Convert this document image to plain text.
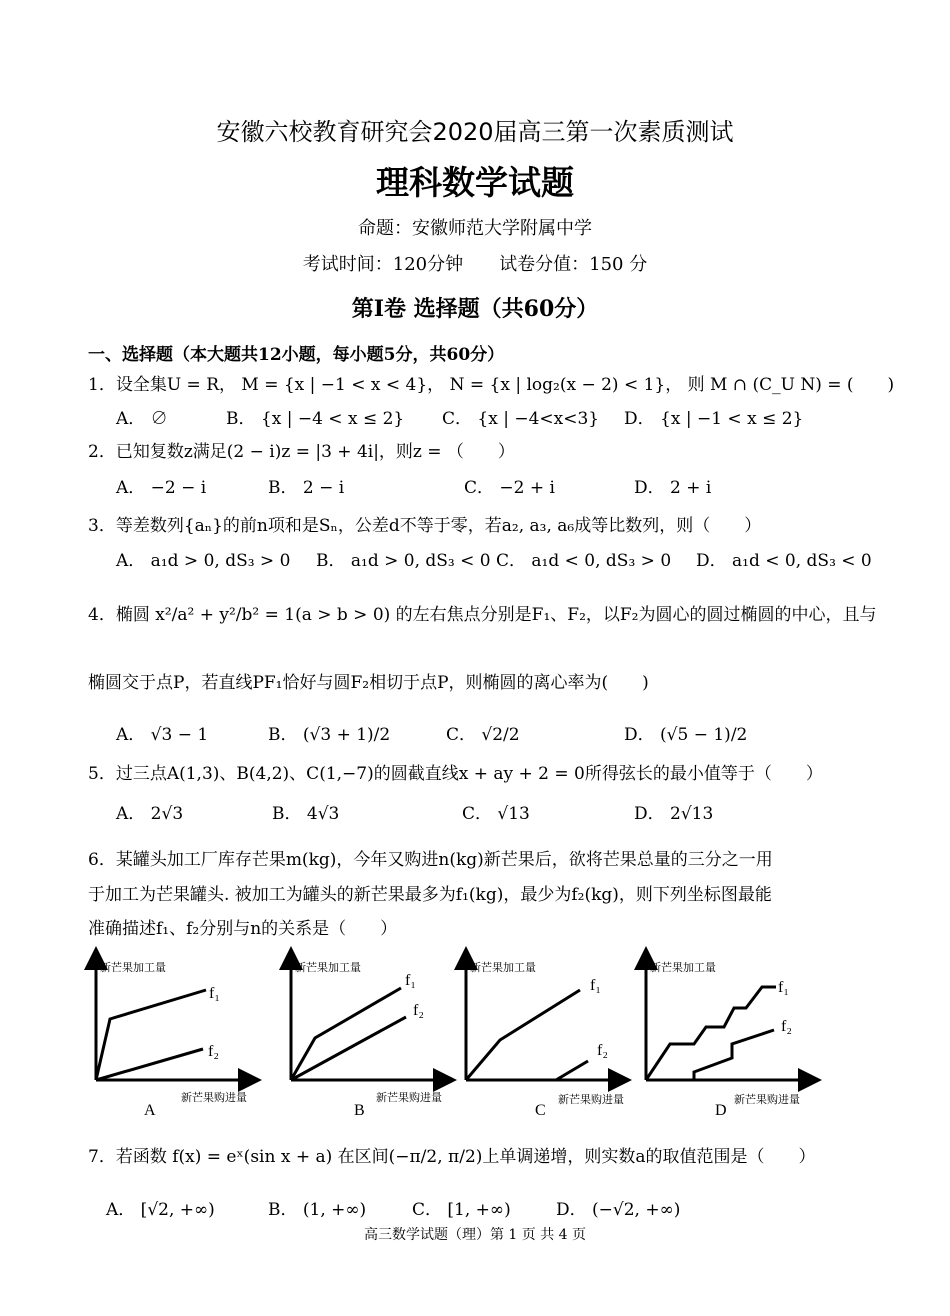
安徽六校教育研究会2020届高三第一次素质测试
理科数学试题
命题：安徽师范大学附属中学
考试时间：120分钟　　试卷分值：150 分
第Ⅰ卷 选择题（共60分）
一、选择题（本大题共12小题，每小题5分，共60分）
1．设全集U = R， M = {x | −1 < x < 4}， N = {x | log₂(x − 2) < 1}， 则 M ∩ (C_U N) = (　　)
A． ∅	B． {x | −4 < x ≤ 2} C． {x | −4<x<3} D． {x | −1 < x ≤ 2}
2．已知复数z满足(2 − i)z = |3 + 4i|，则z = （　　）
A． −2 − i	B． 2 − i	C． −2 + i	D． 2 + i
3．等差数列{aₙ}的前n项和是Sₙ，公差d不等于零，若a₂, a₃, a₆成等比数列，则（　　）
A． a₁d > 0, dS₃ > 0 B． a₁d > 0, dS₃ < 0 C． a₁d < 0, dS₃ > 0 D． a₁d < 0, dS₃ < 0
4．椭圆 x²/a² + y²/b² = 1(a > b > 0) 的左右焦点分别是F₁、F₂，以F₂为圆心的圆过椭圆的中心，且与
椭圆交于点P，若直线PF₁恰好与圆F₂相切于点P，则椭圆的离心率为(　　)
A． √3 − 1	B． (√3 + 1)/2	C． √2/2	D． (√5 − 1)/2
5．过三点A(1,3)、B(4,2)、C(1,−7)的圆截直线x + ay + 2 = 0所得弦长的最小值等于（　　）
A． 2√3	B． 4√3	C． √13	D． 2√13
6．某罐头加工厂库存芒果m(kg)，今年又购进n(kg)新芒果后，欲将芒果总量的三分之一用
于加工为芒果罐头. 被加工为罐头的新芒果最多为f₁(kg)，最少为f₂(kg)，则下列坐标图最能
准确描述f₁、f₂分别与n的关系是（　　）
新芒果加工量
新芒果购进量
f₁
f₂
A
新芒果加工量
新芒果购进量
f₁
f₂
B
新芒果加工量
新芒果购进量
f₁
f₂
C
新芒果加工量
新芒果购进量
f₁
f₂
D
7．若函数 f(x) = eˣ(sin x + a) 在区间(−π/2, π/2)上单调递增，则实数a的取值范围是（　　）
A． [√2, +∞)	B． (1, +∞)	C． [1, +∞)	D． (−√2, +∞)
高三数学试题（理）第 1 页 共 4 页
